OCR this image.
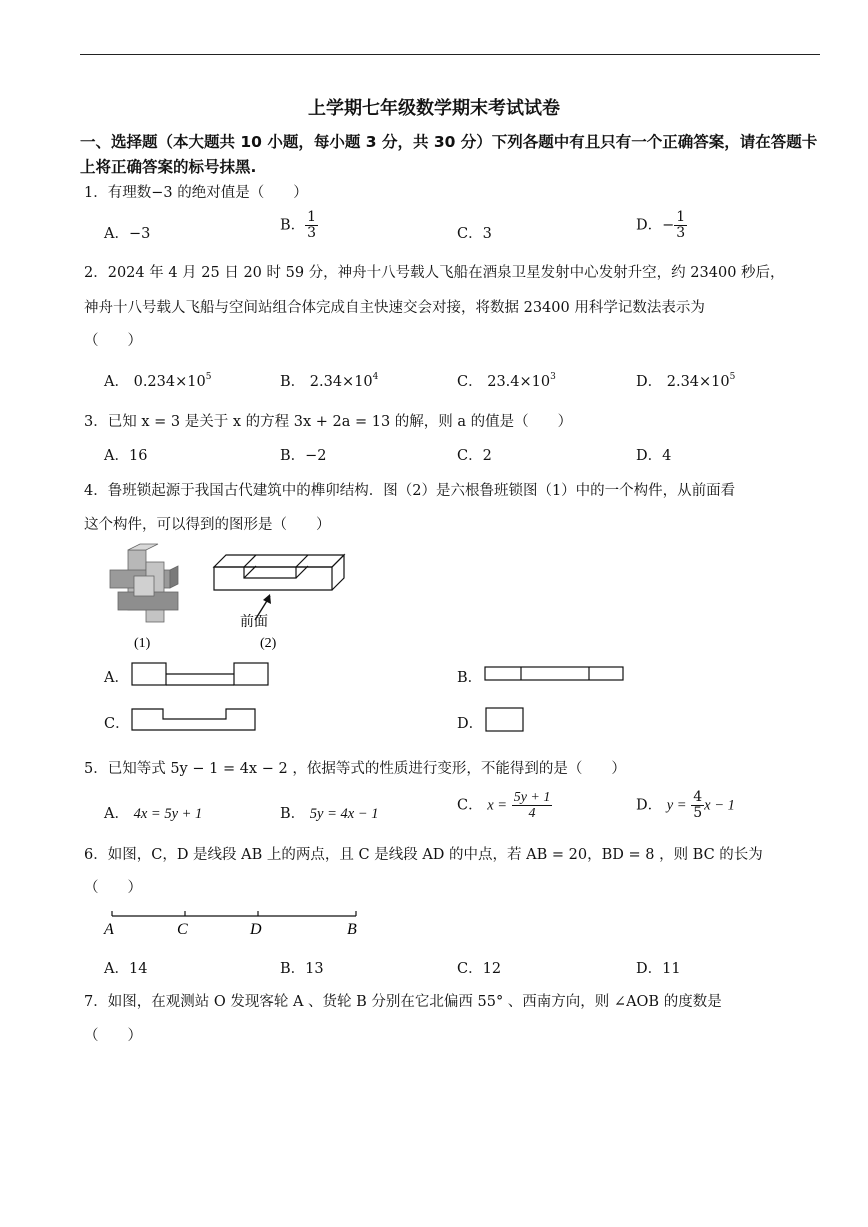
上学期七年级数学期末考试试卷
一、选择题（本大题共 10 小题，每小题 3 分，共 30 分）下列各题中有且只有一个正确答案，请在答题卡上将正确答案的标号抹黑.
1．有理数−3 的绝对值是（　　）
A．−3
B． $\frac{1}{3}$	C．3
D．− $\frac{1}{3}$
2．2024 年 4 月 25 日 20 时 59 分，神舟十八号载人飞船在酒泉卫星发射中心发射升空，约 23400 秒后，
神舟十八号载人飞船与空间站组合体完成自主快速交会对接，将数据 23400 用科学记数法表示为
（　　）
A． $0.234\times 10^5$	B． $2.34\times 10^4$	C． $23.4\times 10^3$	D． $2.34\times 10^5$
3．已知 x = 3 是关于 x 的方程 3x + 2a = 13 的解，则 a 的值是（　　）
A．16	B．−2	C．2	D．4
4．鲁班锁起源于我国古代建筑中的榫卯结构．图（2）是六根鲁班锁图（1）中的一个构件，从前面看
这个构件，可以得到的图形是（　　）
前面
(1)	(2)
A．	B．
C．	D．
5．已知等式 5y − 1 = 4x − 2 ，依据等式的性质进行变形，不能得到的是（　　）
A． 4x = 5y + 1	B． 5y = 4x − 1
C． $x = \frac{5y + 1}{4}$	D． $y = \frac{4}{5}$ x − 1
6．如图，C，D 是线段 AB 上的两点，且 C 是线段 AD 的中点，若 AB = 20，BD = 8 ，则 BC 的长为
（　　）
A	C	D	B
A．14	B．13	C．12	D．11
7．如图，在观测站 O 发现客轮 A 、货轮 B 分别在它北偏西 55° 、西南方向，则 ∠AOB 的度数是
（　　）
